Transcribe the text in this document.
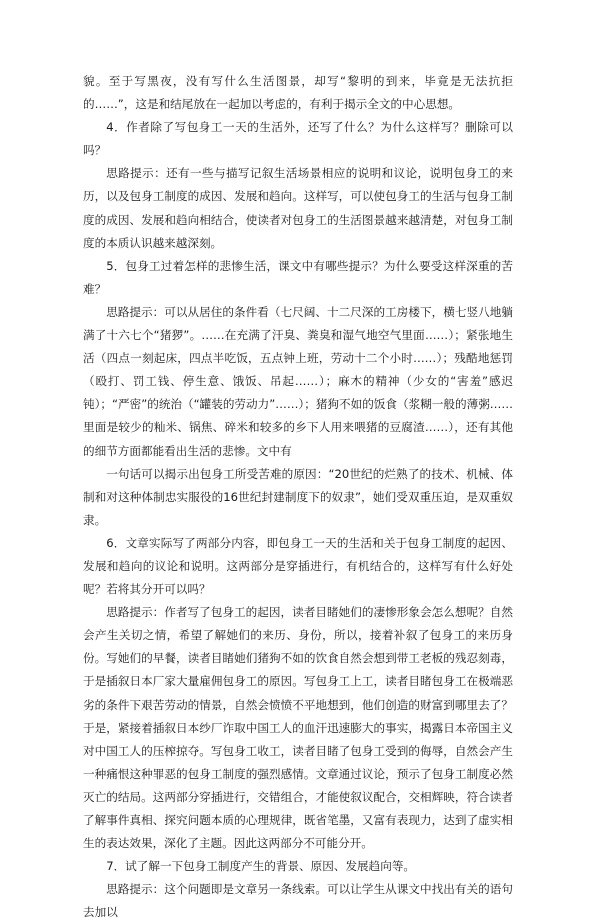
貌。至于写黑夜，没有写什么生活图景，却写“黎明的到来，毕竟是无法抗拒的……”，这是和结尾放在一起加以考虑的，有利于揭示全文的中心思想。

4．作者除了写包身工一天的生活外，还写了什么？为什么这样写？删除可以吗？

思路提示：还有一些与描写记叙生活场景相应的说明和议论，说明包身工的来历，以及包身工制度的成因、发展和趋向。这样写，可以使包身工的生活与包身工制度的成因、发展和趋向相结合，使读者对包身工的生活图景越来越清楚，对包身工制度的本质认识越来越深刻。

5．包身工过着怎样的悲惨生活，课文中有哪些提示？为什么要受这样深重的苦难？

思路提示：可以从居住的条件看（七尺阔、十二尺深的工房楼下，横七竖八地躺满了十六七个“猪猡”。……在充满了汗臭、粪臭和湿气地空气里面……）；紧张地生活（四点一刻起床，四点半吃饭，五点钟上班，劳动十二个小时……）；残酷地惩罚（殴打、罚工钱、停生意、饿饭、吊起……）；麻木的精神（少女的“害羞”感迟钝）；“严密”的统治（“罐装的劳动力”……）；猪狗不如的饭食（浆糊一般的薄粥……里面是较少的籼米、锅焦、碎米和较多的乡下人用来喂猪的豆腐渣……），还有其他的细节方面都能看出生活的悲惨。文中有

一句话可以揭示出包身工所受苦难的原因：“20世纪的烂熟了的技术、机械、体制和对这种体制忠实服役的16世纪封建制度下的奴隶”，她们受双重压迫，是双重奴隶。

6．文章实际写了两部分内容，即包身工一天的生活和关于包身工制度的起因、发展和趋向的议论和说明。这两部分是穿插进行，有机结合的，这样写有什么好处呢？若将其分开可以吗？

思路提示：作者写了包身工的起因，读者目睹她们的凄惨形象会怎么想呢？自然会产生关切之情，希望了解她们的来历、身份，所以，接着补叙了包身工的来历身份。写她们的早餐，读者目睹她们猪狗不如的饮食自然会想到带工老板的残忍刻毒，于是插叙日本厂家大量雇佣包身工的原因。写包身工上工，读者目睹包身工在极端恶劣的条件下艰苦劳动的情景，自然会愤愤不平地想到，他们创造的财富到哪里去了？于是，紧接着插叙日本纱厂诈取中国工人的血汗迅速膨大的事实，揭露日本帝国主义对中国工人的压榨掠夺。写包身工收工，读者目睹了包身工受到的侮辱，自然会产生一种痛恨这种罪恶的包身工制度的强烈感情。文章通过议论，预示了包身工制度必然灭亡的结局。这两部分穿插进行，交错组合，才能使叙议配合，交相辉映，符合读者了解事件真相、探究问题本质的心理规律，既省笔墨，又富有表现力，达到了虚实相生的表达效果，深化了主题。因此这两部分不可能分开。

7．试了解一下包身工制度产生的背景、原因、发展趋向等。

思路提示：这个问题即是文章另一条线索。可以让学生从课文中找出有关的语句去加以
